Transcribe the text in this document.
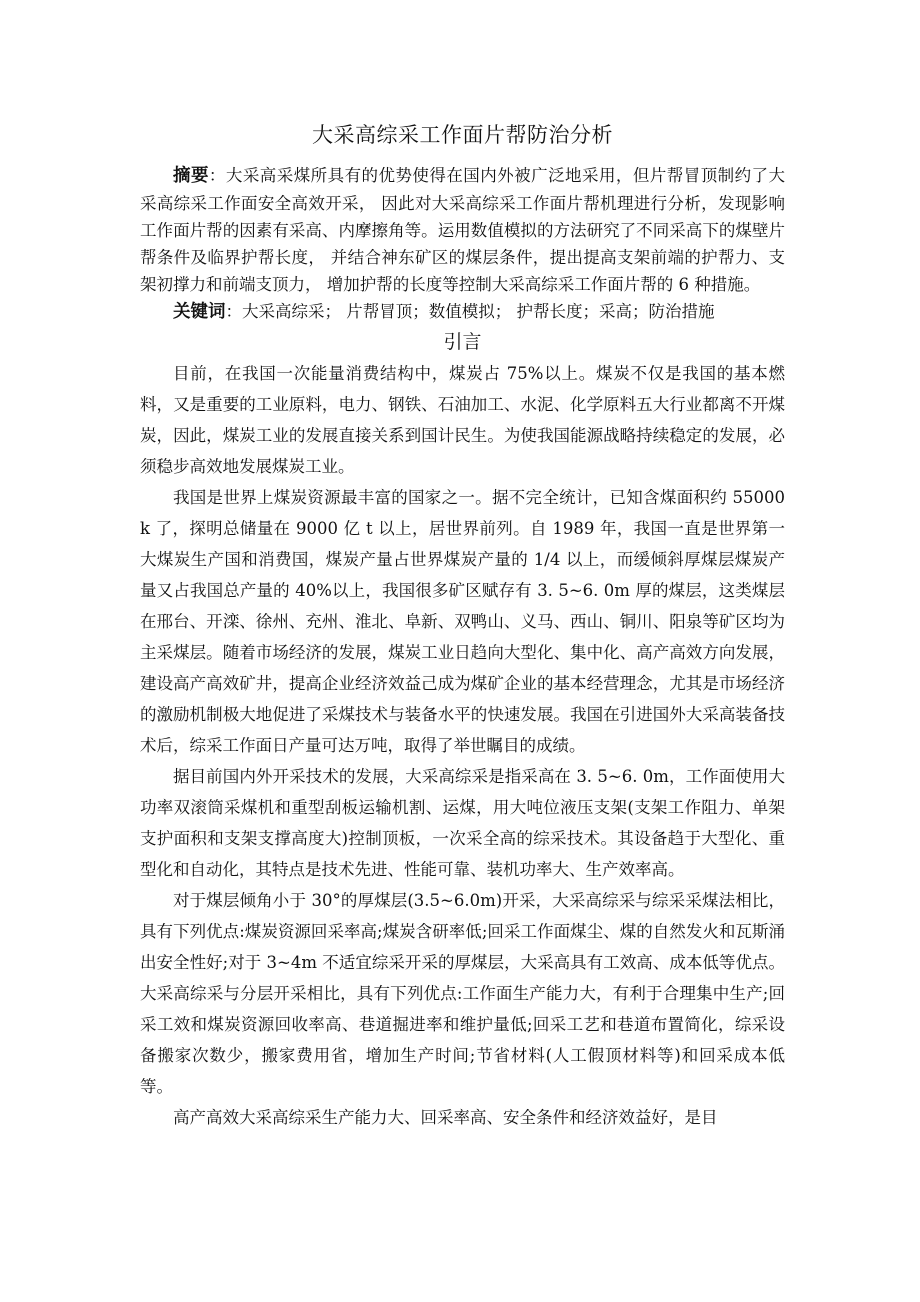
大采高综采工作面片帮防治分析

摘要：大采高采煤所具有的优势使得在国内外被广泛地采用，但片帮冒顶制约了大采高综采工作面安全高效开采， 因此对大采高综采工作面片帮机理进行分析，发现影响工作面片帮的因素有采高、内摩擦角等。运用数值模拟的方法研究了不同采高下的煤壁片帮条件及临界护帮长度， 并结合神东矿区的煤层条件，提出提高支架前端的护帮力、支架初撑力和前端支顶力， 增加护帮的长度等控制大采高综采工作面片帮的 6 种措施。

关键词：大采高综采； 片帮冒顶；数值模拟； 护帮长度；采高；防治措施

引言

目前，在我国一次能量消费结构中，煤炭占 75%以上。煤炭不仅是我国的基本燃料，又是重要的工业原料，电力、钢铁、石油加工、水泥、化学原料五大行业都离不开煤炭，因此，煤炭工业的发展直接关系到国计民生。为使我国能源战略持续稳定的发展，必须稳步高效地发展煤炭工业。

我国是世界上煤炭资源最丰富的国家之一。据不完全统计，已知含煤面积约 55000k 了，探明总储量在 9000 亿 t 以上，居世界前列。自 1989 年，我国一直是世界第一大煤炭生产国和消费国，煤炭产量占世界煤炭产量的 1/4 以上，而缓倾斜厚煤层煤炭产量又占我国总产量的 40%以上，我国很多矿区赋存有 3. 5~6. 0m 厚的煤层，这类煤层在邢台、开滦、徐州、充州、淮北、阜新、双鸭山、义马、西山、铜川、阳泉等矿区均为主采煤层。随着市场经济的发展，煤炭工业日趋向大型化、集中化、高产高效方向发展，建设高产高效矿井，提高企业经济效益己成为煤矿企业的基本经营理念，尤其是市场经济的激励机制极大地促进了采煤技术与装备水平的快速发展。我国在引进国外大采高装备技术后，综采工作面日产量可达万吨，取得了举世瞩目的成绩。

据目前国内外开采技术的发展，大采高综采是指采高在 3. 5~6. 0m，工作面使用大功率双滚筒采煤机和重型刮板运输机割、运煤，用大吨位液压支架(支架工作阻力、单架支护面积和支架支撑高度大)控制顶板，一次采全高的综采技术。其设备趋于大型化、重型化和自动化，其特点是技术先进、性能可靠、装机功率大、生产效率高。

对于煤层倾角小于 30°的厚煤层(3.5~6.0m)开采，大采高综采与综采采煤法相比，具有下列优点:煤炭资源回采率高;煤炭含研率低;回采工作面煤尘、煤的自然发火和瓦斯涌出安全性好;对于 3~4m 不适宜综采开采的厚煤层，大采高具有工效高、成本低等优点。大采高综采与分层开采相比，具有下列优点:工作面生产能力大，有利于合理集中生产;回采工效和煤炭资源回收率高、巷道掘进率和维护量低;回采工艺和巷道布置简化，综采设备搬家次数少，搬家费用省，增加生产时间;节省材料(人工假顶材料等)和回采成本低等。

高产高效大采高综采生产能力大、回采率高、安全条件和经济效益好，是目
